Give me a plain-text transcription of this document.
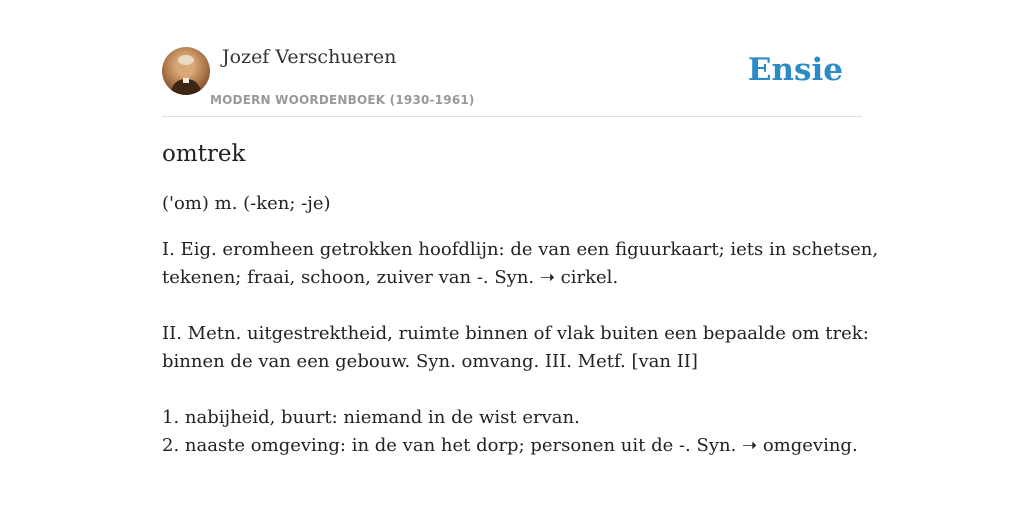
Jozef Verschueren
MODERN WOORDENBOEK (1930-1961)
Ensie
omtrek
('om) m. (-ken; -je)
I. Eig. eromheen getrokken hoofdlijn: de van een figuurkaart; iets in schetsen,
tekenen; fraai, schoon, zuiver van -. Syn. ➝ cirkel.
II. Metn. uitgestrektheid, ruimte binnen of vlak buiten een bepaalde om trek:
binnen de van een gebouw. Syn. omvang. III. Metf. [van II]
1. nabijheid, buurt: niemand in de wist ervan.
2. naaste omgeving: in de van het dorp; personen uit de -. Syn. ➝ omgeving.
